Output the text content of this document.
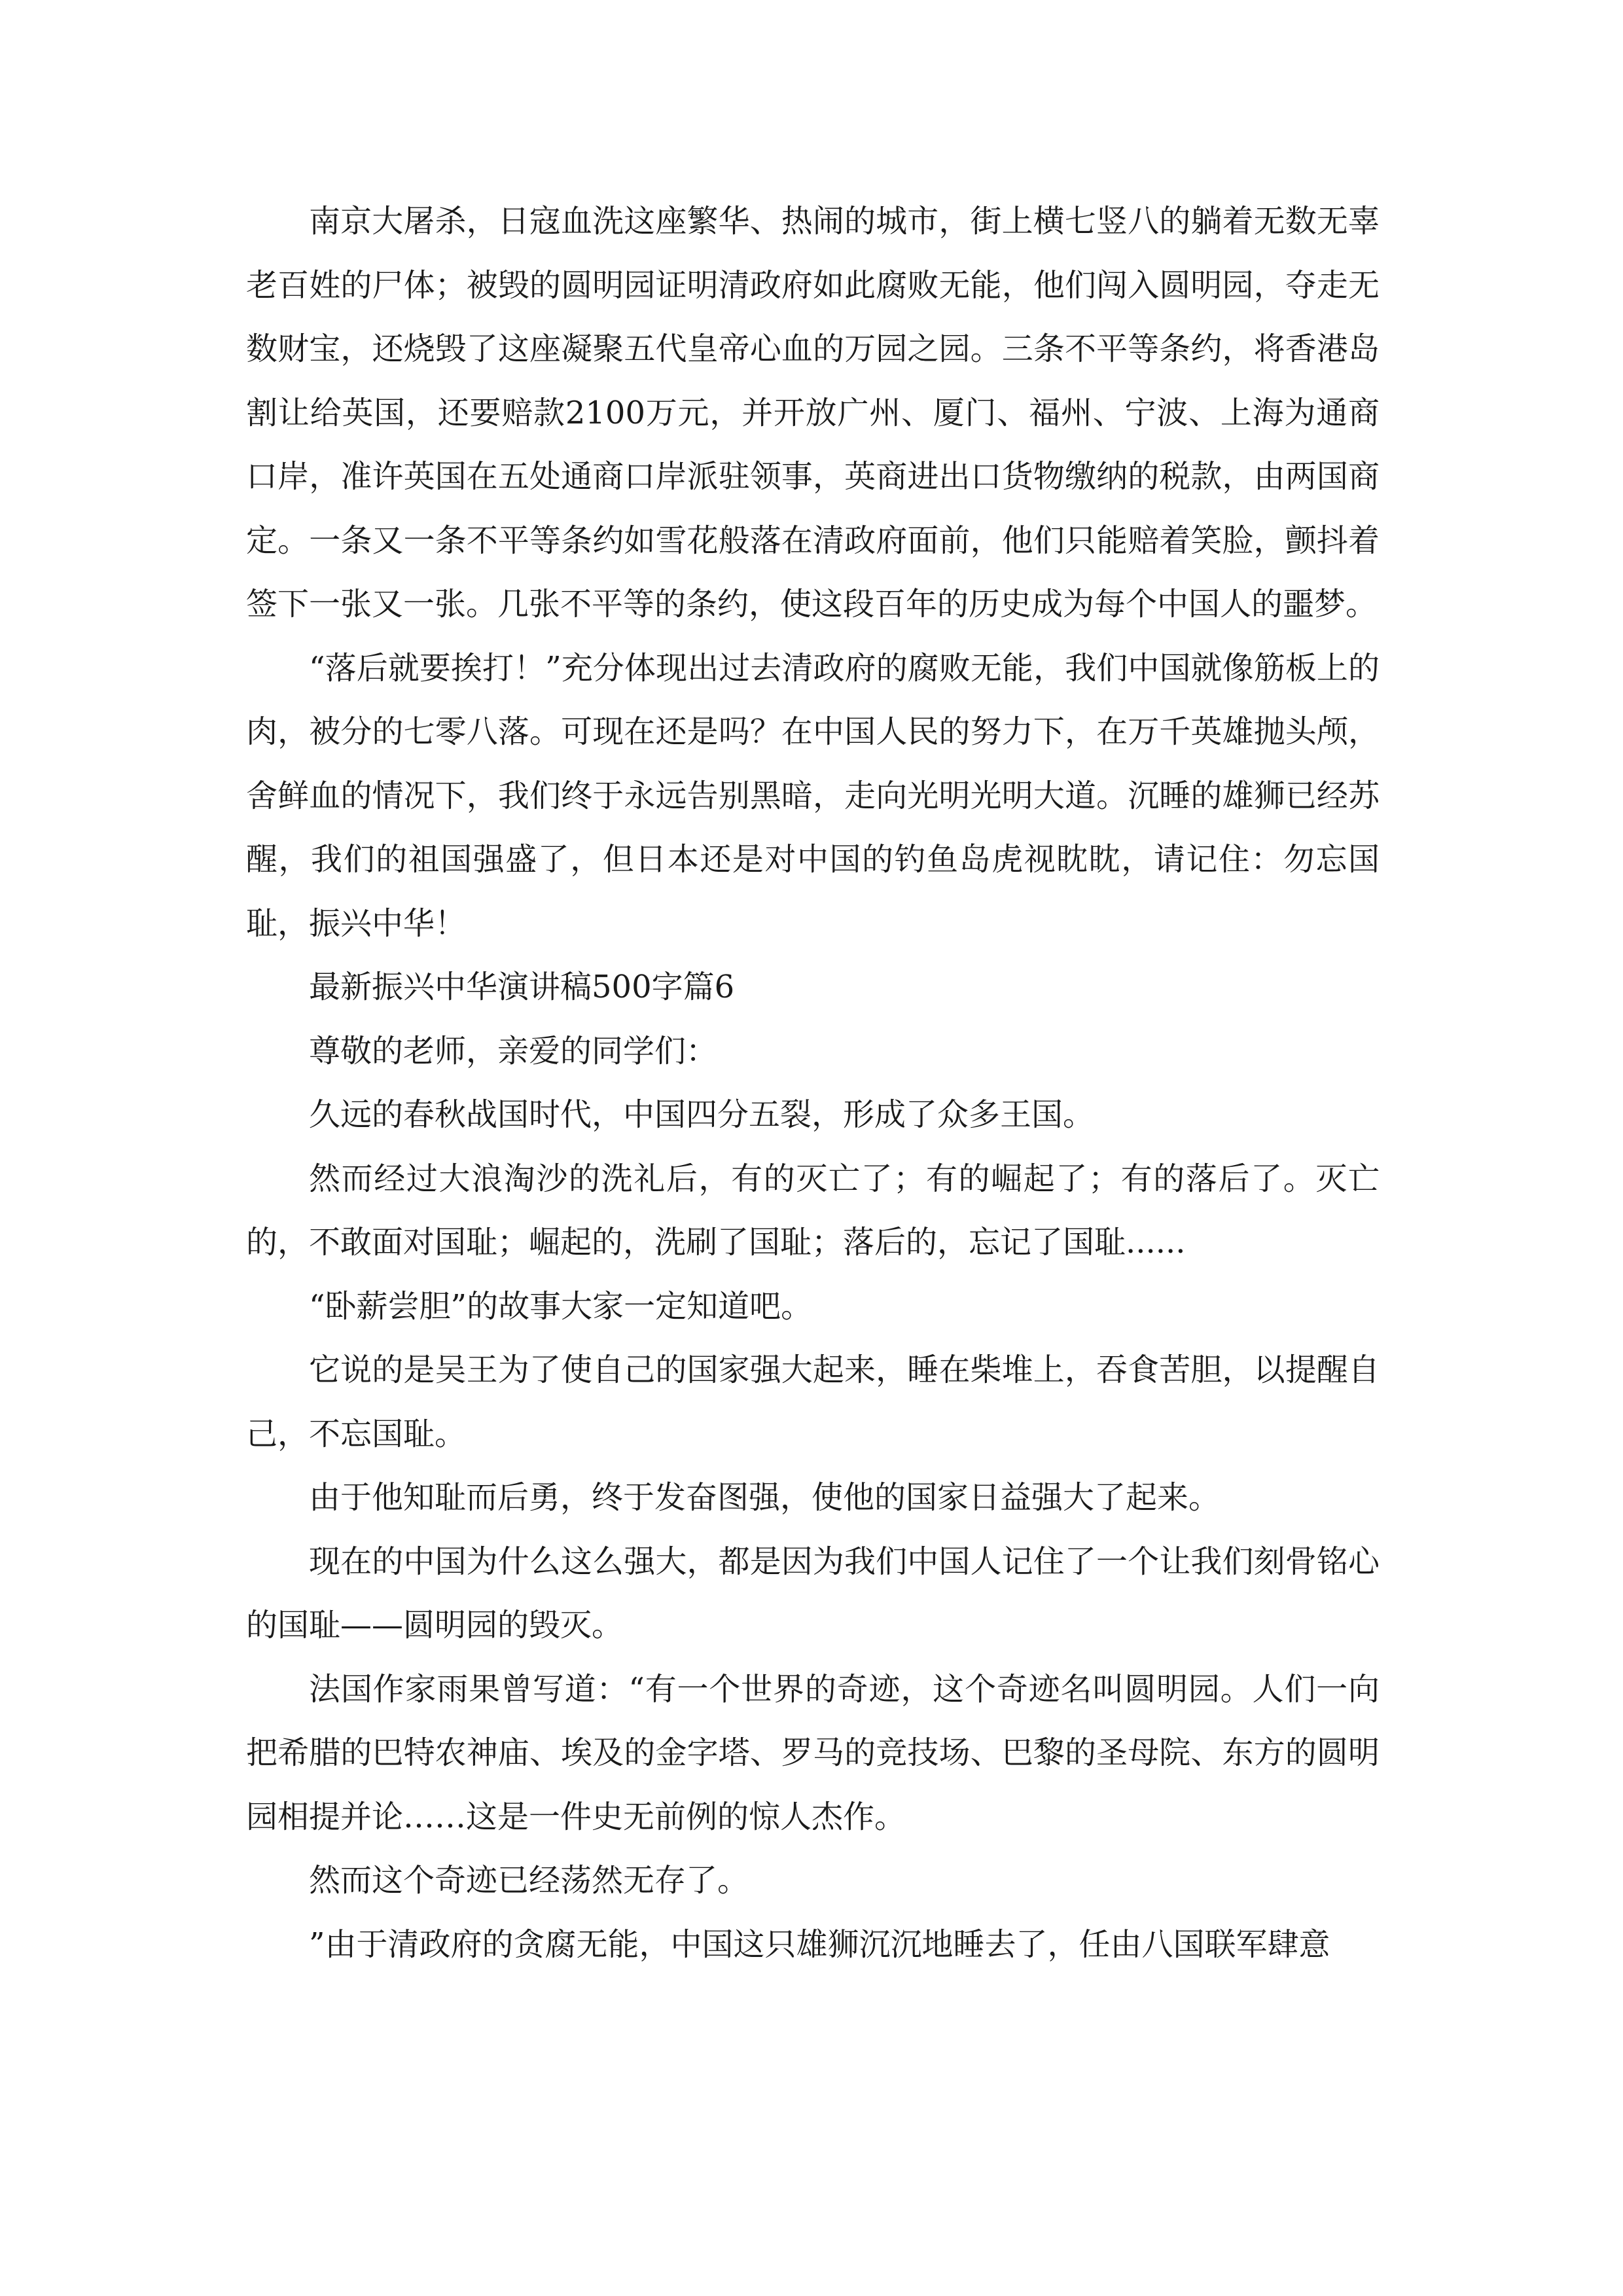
南京大屠杀，日寇血洗这座繁华、热闹的城市，街上横七竖八的躺着无数无辜老百姓的尸体；被毁的圆明园证明清政府如此腐败无能，他们闯入圆明园，夺走无数财宝，还烧毁了这座凝聚五代皇帝心血的万园之园。三条不平等条约，将香港岛割让给英国，还要赔款2100万元，并开放广州、厦门、福州、宁波、上海为通商口岸，准许英国在五处通商口岸派驻领事，英商进出口货物缴纳的税款，由两国商定。一条又一条不平等条约如雪花般落在清政府面前，他们只能赔着笑脸，颤抖着签下一张又一张。几张不平等的条约，使这段百年的历史成为每个中国人的噩梦。

“落后就要挨打！”充分体现出过去清政府的腐败无能，我们中国就像筋板上的肉，被分的七零八落。可现在还是吗？在中国人民的努力下，在万千英雄抛头颅，舍鲜血的情况下，我们终于永远告别黑暗，走向光明光明大道。沉睡的雄狮已经苏醒，我们的祖国强盛了，但日本还是对中国的钓鱼岛虎视眈眈，请记住：勿忘国耻，振兴中华！

最新振兴中华演讲稿500字篇6

尊敬的老师，亲爱的同学们：

久远的春秋战国时代，中国四分五裂，形成了众多王国。

然而经过大浪淘沙的洗礼后，有的灭亡了；有的崛起了；有的落后了。灭亡的，不敢面对国耻；崛起的，洗刷了国耻；落后的，忘记了国耻......

“卧薪尝胆”的故事大家一定知道吧。

它说的是吴王为了使自己的国家强大起来，睡在柴堆上，吞食苦胆，以提醒自己，不忘国耻。

由于他知耻而后勇，终于发奋图强，使他的国家日益强大了起来。

现在的中国为什么这么强大，都是因为我们中国人记住了一个让我们刻骨铭心的国耻——圆明园的毁灭。

法国作家雨果曾写道：“有一个世界的奇迹，这个奇迹名叫圆明园。人们一向把希腊的巴特农神庙、埃及的金字塔、罗马的竞技场、巴黎的圣母院、东方的圆明园相提并论……这是一件史无前例的惊人杰作。

然而这个奇迹已经荡然无存了。

”由于清政府的贪腐无能，中国这只雄狮沉沉地睡去了，任由八国联军肆意
